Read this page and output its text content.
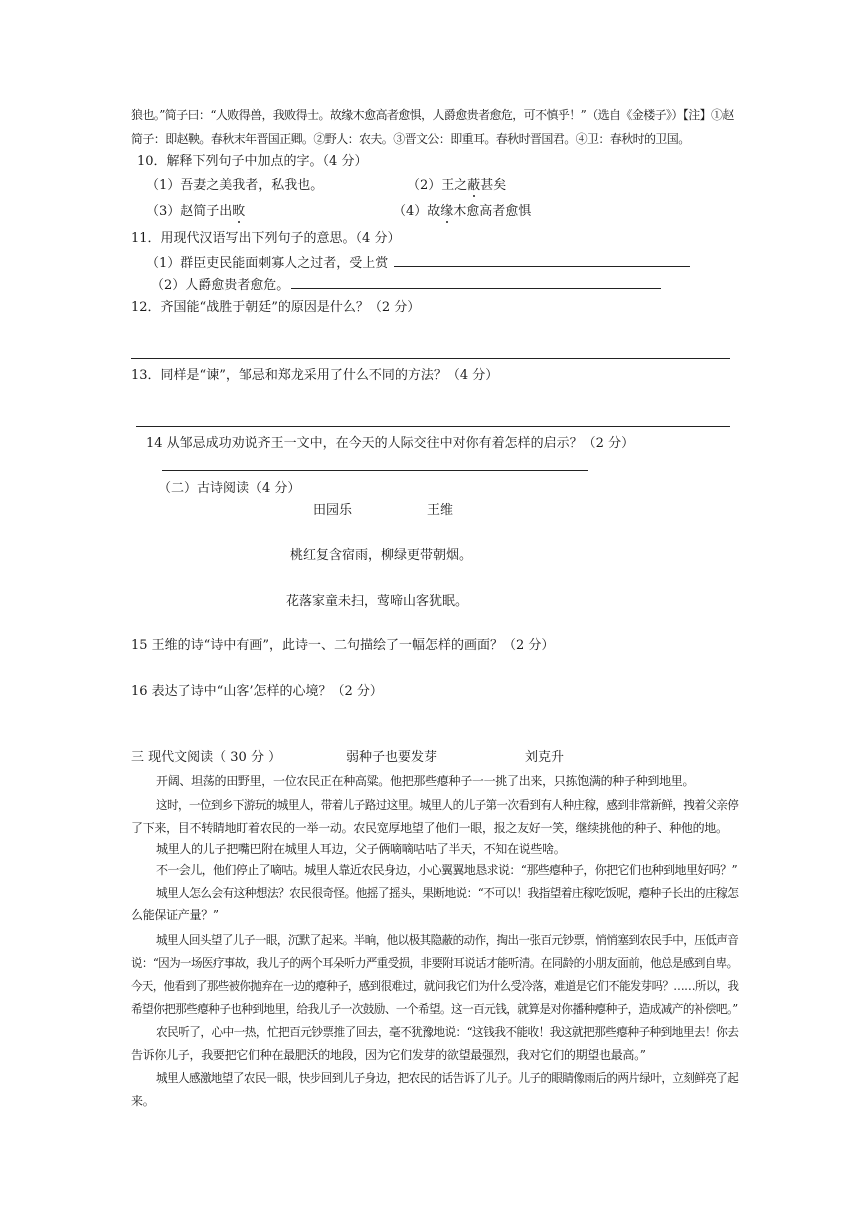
狼也。”简子曰：“人败得兽，我败得士。故缘木愈高者愈惧，人爵愈贵者愈危，可不慎乎！”（选自《金楼子》）【注】①赵
简子：即赵鞅。春秋末年晋国正卿。②野人：农夫。③晋文公：即重耳。春秋时晋国君。④卫：春秋时的卫国。
10．解释下列句子中加点的字。（4 分）
（1）吾妻之美我者，私我也。	（2）王之蔽甚矣
（3）赵简子出畋	（4）故缘木愈高者愈惧
11．用现代汉语写出下列句子的意思。（4 分）
（1）群臣吏民能面刺寡人之过者，受上赏
（2）人爵愈贵者愈危。
12．齐国能“战胜于朝廷”的原因是什么？（2 分）
13．同样是“谏”，邹忌和郑龙采用了什么不同的方法？（4 分）
14 从邹忌成功劝说齐王一文中，在今天的人际交往中对你有着怎样的启示？（2 分）
（二）古诗阅读（4 分）
田园乐	王维
桃红复含宿雨，柳绿更带朝烟。
花落家童未扫，莺啼山客犹眠。
15 王维的诗“诗中有画”，此诗一、二句描绘了一幅怎样的画面？（2 分）
16 表达了诗中“山客’怎样的心境？（2 分）
三 现代文阅读（ 30 分 ）	弱种子也要发芽	刘克升
开阔、坦荡的田野里，一位农民正在种高粱。他把那些瘪种子一一挑了出来，只拣饱满的种子种到地里。
这时，一位到乡下游玩的城里人，带着儿子路过这里。城里人的儿子第一次看到有人种庄稼，感到非常新鲜，拽着父亲停
了下来，目不转睛地盯着农民的一举一动。农民宽厚地望了他们一眼，报之友好一笑，继续挑他的种子、种他的地。
城里人的儿子把嘴巴附在城里人耳边，父子俩嘀嘀咕咕了半天，不知在说些啥。
不一会儿，他们停止了嘀咕。城里人靠近农民身边，小心翼翼地恳求说：“那些瘪种子，你把它们也种到地里好吗？”
城里人怎么会有这种想法？农民很奇怪。他摇了摇头，果断地说：“不可以！我指望着庄稼吃饭呢，瘪种子长出的庄稼怎
么能保证产量？”
城里人回头望了儿子一眼，沉默了起来。半晌，他以极其隐蔽的动作，掏出一张百元钞票，悄悄塞到农民手中，压低声音
说：“因为一场医疗事故，我儿子的两个耳朵听力严重受损，非要附耳说话才能听清。在同龄的小朋友面前，他总是感到自卑。
今天，他看到了那些被你抛弃在一边的瘪种子，感到很难过，就问我它们为什么受冷落，难道是它们不能发芽吗？……所以，我
希望你把那些瘪种子也种到地里，给我儿子一次鼓励、一个希望。这一百元钱，就算是对你播种瘪种子，造成减产的补偿吧。”
农民听了，心中一热，忙把百元钞票推了回去，毫不犹豫地说：“这钱我不能收！我这就把那些瘪种子种到地里去！你去
告诉你儿子，我要把它们种在最肥沃的地段，因为它们发芽的欲望最强烈，我对它们的期望也最高。”
城里人感激地望了农民一眼，快步回到儿子身边，把农民的话告诉了儿子。儿子的眼睛像雨后的两片绿叶，立刻鲜亮了起
来。
